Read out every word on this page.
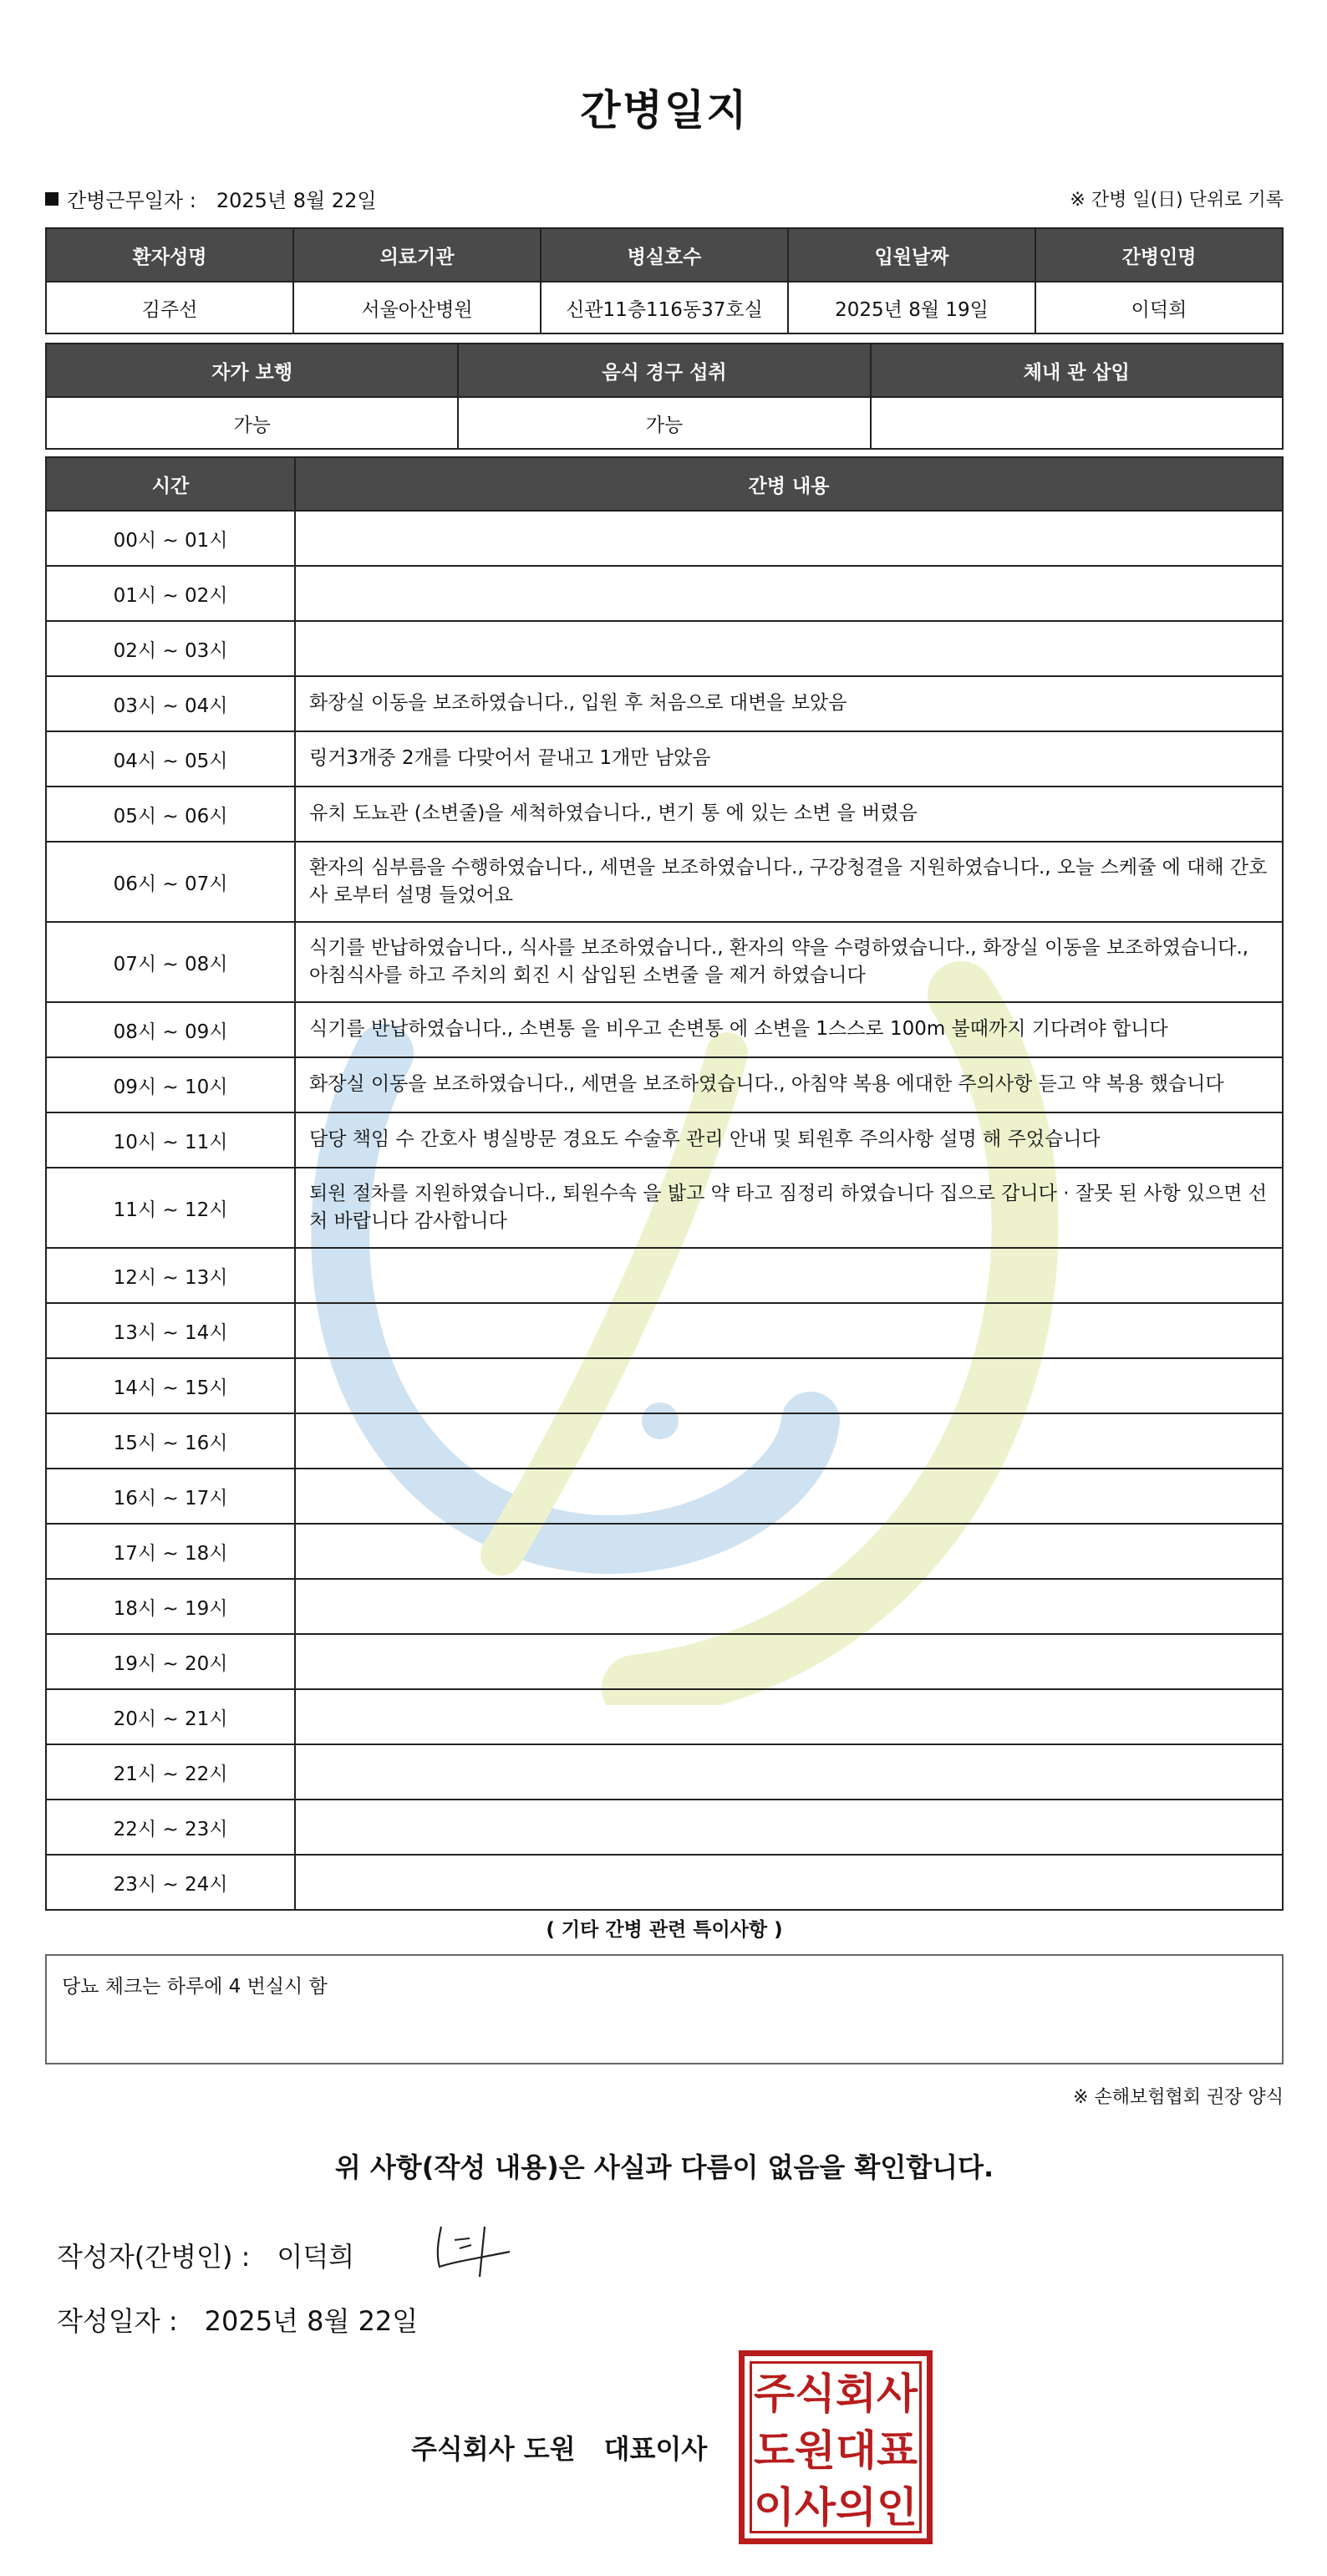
간병일지
간병근무일자 : 2025년 8월 22일	※ 간병 일(日) 단위로 기록
환자성명	의료기관	병실호수	입원날짜	간병인명
김주선	서울아산병원	신관11층116동37호실	2025년 8월 19일	이덕희
자가 보행	음식 경구 섭취	체내 관 삽입
가능	가능	
시간	간병 내용
00시 ~ 01시	
01시 ~ 02시	
02시 ~ 03시	
03시 ~ 04시	화장실 이동을 보조하였습니다., 입원 후 처음으로 대변을 보았음
04시 ~ 05시	링거3개중 2개를 다맞어서 끝내고 1개만 남았음
05시 ~ 06시	유치 도뇨관 (소변줄)을 세척하였습니다., 변기 통 에 있는 소변 을 버렸음
06시 ~ 07시	환자의 심부름을 수행하였습니다., 세면을 보조하였습니다., 구강청결을 지원하였습니다., 오늘 스케쥴 에 대해 간호사 로부터 설명 들었어요
07시 ~ 08시	식기를 반납하였습니다., 식사를 보조하였습니다., 환자의 약을 수령하였습니다., 화장실 이동을 보조하였습니다., 아침식사를 하고 주치의 회진 시 삽입된 소변줄 을 제거 하였습니다
08시 ~ 09시	식기를 반납하였습니다., 소변통 을 비우고 손변통 에 소변을 1스스로 100m 불때까지 기다려야 합니다
09시 ~ 10시	화장실 이동을 보조하였습니다., 세면을 보조하였습니다., 아침약 복용 에대한 주의사항 듣고 약 복용 했습니다
10시 ~ 11시	담당 책임 수 간호사 병실방문 경요도 수술후 관리 안내 및 퇴원후 주의사항 설명 해 주었습니다
11시 ~ 12시	퇴원 절차를 지원하였습니다., 퇴원수속 을 밟고 약 타고 짐정리 하였습니다 집으로 갑니다 · 잘못 된 사항 있으면 선처 바랍니다 감사합니다
12시 ~ 13시	
13시 ~ 14시	
14시 ~ 15시	
15시 ~ 16시	
16시 ~ 17시	
17시 ~ 18시	
18시 ~ 19시	
19시 ~ 20시	
20시 ~ 21시	
21시 ~ 22시	
22시 ~ 23시	
23시 ~ 24시	
( 기타 간병 관련 특이사항 )
당뇨 체크는 하루에 4 번실시 함
※ 손해보험협회 권장 양식
위 사항(작성 내용)은 사실과 다름이 없음을 확인합니다.
작성자(간병인) : 이덕희
작성일자 : 2025년 8월 22일
주식회사 도원 대표이사
주식회사
도원대표
이사의인
